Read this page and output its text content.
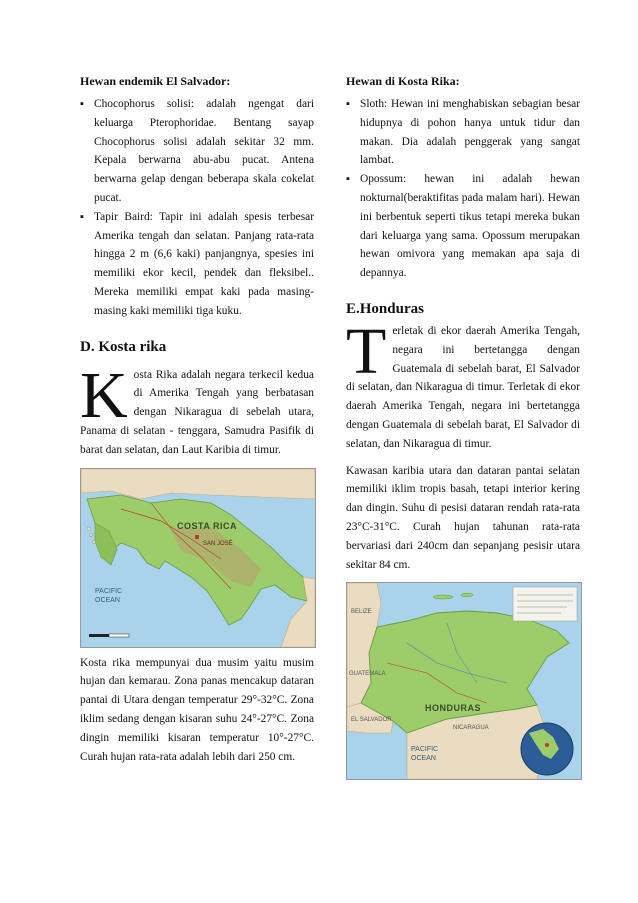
Hewan endemik El Salvador:
▪ Chocophorus solisi: adalah ngengat dari keluarga Pterophoridae. Bentang sayap Chocophorus solisi adalah sekitar 32 mm. Kepala berwarna abu-abu pucat. Antena berwarna gelap dengan beberapa skala cokelat pucat.
▪ Tapir Baird: Tapir ini adalah spesis terbesar Amerika tengah dan selatan. Panjang rata-rata hingga 2 m (6,6 kaki) panjangnya, spesies ini memiliki ekor kecil, pendek dan fleksibel.. Mereka memiliki empat kaki pada masing-masing kaki memiliki tiga kuku.
D. Kosta rika

Kosta Rika adalah negara terkecil kedua di Amerika Tengah yang berbatasan dengan Nikaragua di sebelah utara, Panama di selatan - tenggara, Samudra Pasifik di barat dan selatan, dan Laut Karibia di timur.

COSTA RICA
SAN JOSÉ
PACIFIC OCEAN

Kosta rika mempunyai dua musim yaitu musim hujan dan kemarau. Zona panas mencakup dataran pantai di Utara dengan temperatur 29°-32°C. Zona iklim sedang dengan kisaran suhu 24°-27°C. Zona dingin memiliki kisaran temperatur 10°-27°C. Curah hujan rata-rata adalah lebih dari 250 cm.

Hewan di Kosta Rika:
▪ Sloth: Hewan ini menghabiskan sebagian besar hidupnya di pohon hanya untuk tidur dan makan. Dia adalah penggerak yang sangat lambat.
▪ Opossum: hewan ini adalah hewan nokturnal(beraktifitas pada malam hari). Hewan ini berbentuk seperti tikus tetapi mereka bukan dari keluarga yang sama. Opossum merupakan hewan omivora yang memakan apa saja di depannya.
E.Honduras

Terletak di ekor daerah Amerika Tengah, negara ini bertetangga dengan Guatemala di sebelah barat, El Salvador di selatan, dan Nikaragua di timur. Terletak di ekor daerah Amerika Tengah, negara ini bertetangga dengan Guatemala di sebelah barat, El Salvador di selatan, dan Nikaragua di timur.

Kawasan karibia utara dan dataran pantai selatan memiliki iklim tropis basah, tetapi interior kering dan dingin. Suhu di pesisi dataran rendah rata-rata 23°C-31°C. Curah hujan tahunan rata-rata bervariasi dari 240cm dan sepanjang pesisir utara sekitar 84 cm.

BELIZE
GUATEMALA
EL SALVADOR
NICARAGUA
HONDURAS
PACIFIC OCEAN
